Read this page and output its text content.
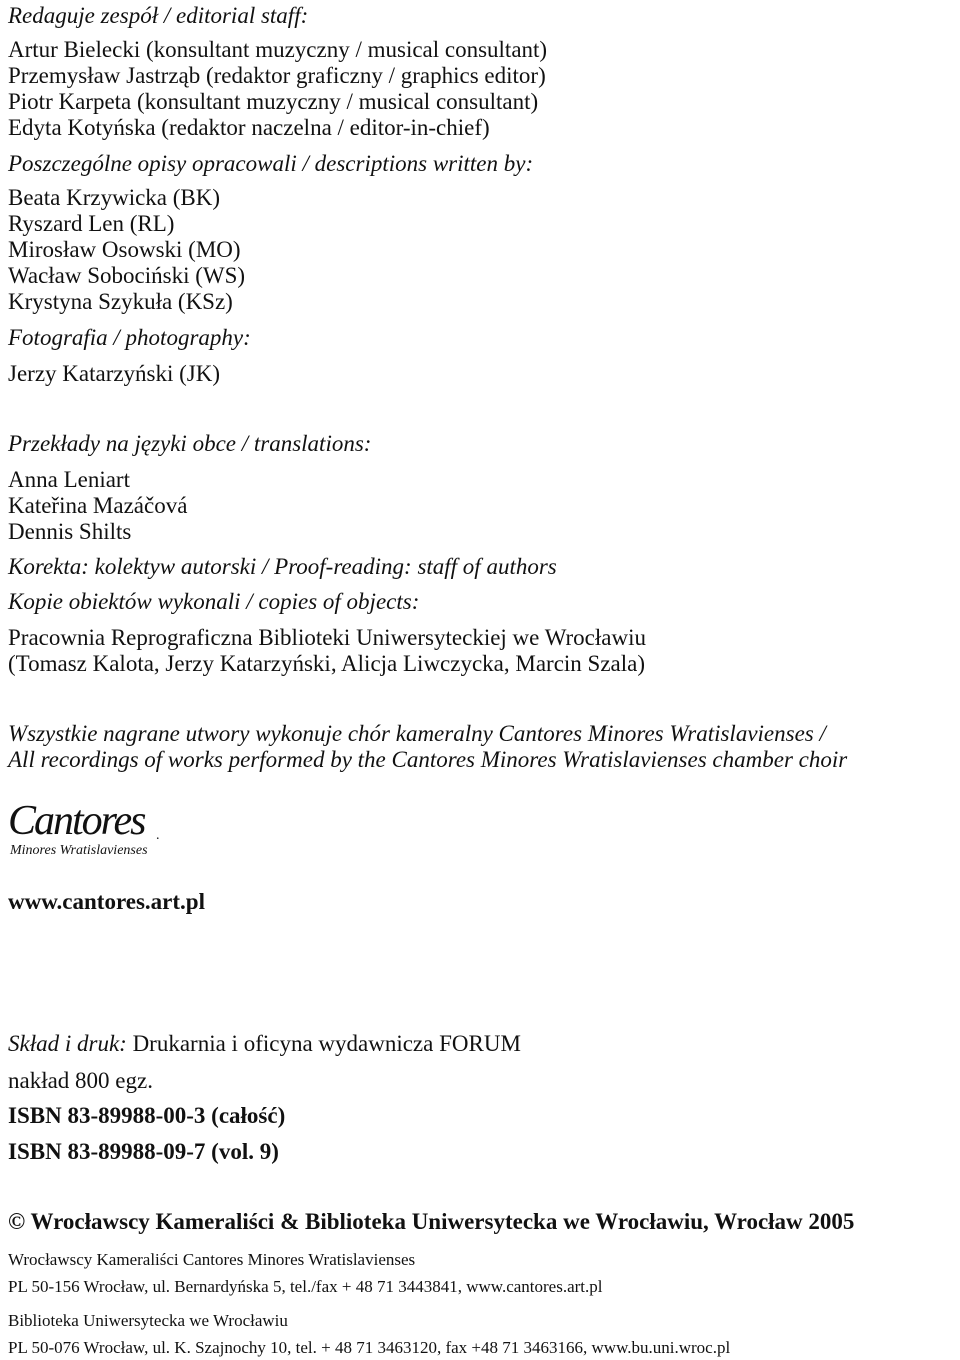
Redaguje zespół / editorial staff:
Artur Bielecki (konsultant muzyczny / musical consultant)
Przemysław Jastrząb (redaktor graficzny / graphics editor)
Piotr Karpeta (konsultant muzyczny / musical consultant)
Edyta Kotyńska (redaktor naczelna / editor-in-chief)
Poszczególne opisy opracowali / descriptions written by:
Beata Krzywicka (BK)
Ryszard Len (RL)
Mirosław Osowski (MO)
Wacław Sobociński (WS)
Krystyna Szykuła (KSz)
Fotografia / photography:
Jerzy Katarzyński (JK)
Przekłady na języki obce / translations:
Anna Leniart
Kateřina Mazáčová
Dennis Shilts
Korekta: kolektyw autorski / Proof-reading: staff of authors
Kopie obiektów wykonali / copies of objects:
Pracownia Reprograficzna Biblioteki Uniwersyteckiej we Wrocławiu
(Tomasz Kalota, Jerzy Katarzyński, Alicja Liwczycka, Marcin Szala)
Wszystkie nagrane utwory wykonuje chór kameralny Cantores Minores Wratislavienses /
All recordings of works performed by the Cantores Minores Wratislavienses chamber choir
Cantores .
Minores Wratislavienses
www.cantores.art.pl
Skład i druk: Drukarnia i oficyna wydawnicza FORUM
nakład 800 egz.
ISBN 83-89988-00-3 (całość)
ISBN 83-89988-09-7 (vol. 9)
© Wrocławscy Kameraliści & Biblioteka Uniwersytecka we Wrocławiu, Wrocław 2005
Wrocławscy Kameraliści Cantores Minores Wratislavienses
PL 50-156 Wrocław, ul. Bernardyńska 5, tel./fax + 48 71 3443841, www.cantores.art.pl
Biblioteka Uniwersytecka we Wrocławiu
PL 50-076 Wrocław, ul. K. Szajnochy 10, tel. + 48 71 3463120, fax +48 71 3463166, www.bu.uni.wroc.pl
